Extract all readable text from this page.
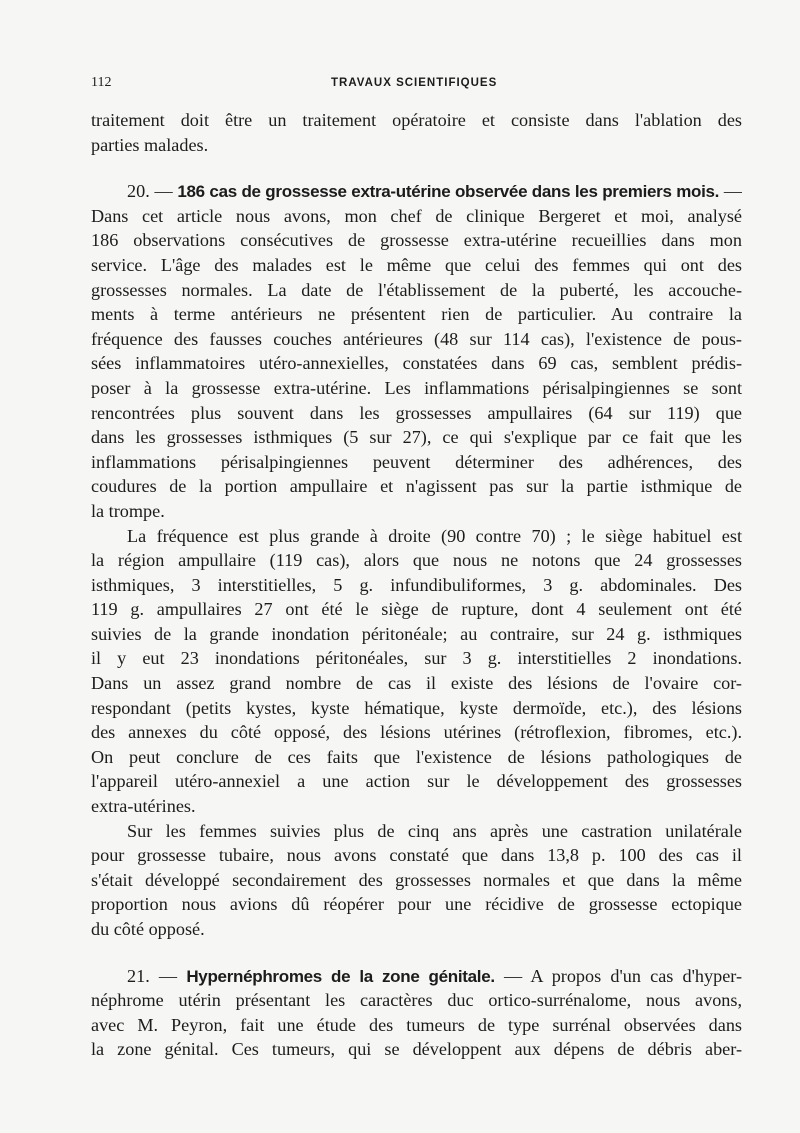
112	TRAVAUX SCIENTIFIQUES
traitement doit être un traitement opératoire et consiste dans l'ablation des
parties malades.
20. — 186 cas de grossesse extra-utérine observée dans les premiers mois. —
Dans cet article nous avons, mon chef de clinique Bergeret et moi, analysé
186 observations consécutives de grossesse extra-utérine recueillies dans mon
service. L'âge des malades est le même que celui des femmes qui ont des
grossesses normales. La date de l'établissement de la puberté, les accouche-
ments à terme antérieurs ne présentent rien de particulier. Au contraire la
fréquence des fausses couches antérieures (48 sur 114 cas), l'existence de pous-
sées inflammatoires utéro-annexielles, constatées dans 69 cas, semblent prédis-
poser à la grossesse extra-utérine. Les inflammations périsalpingiennes se sont
rencontrées plus souvent dans les grossesses ampullaires (64 sur 119) que
dans les grossesses isthmiques (5 sur 27), ce qui s'explique par ce fait que les
inflammations périsalpingiennes peuvent déterminer des adhérences, des
coudures de la portion ampullaire et n'agissent pas sur la partie isthmique de
la trompe.
La fréquence est plus grande à droite (90 contre 70) ; le siège habituel est
la région ampullaire (119 cas), alors que nous ne notons que 24 grossesses
isthmiques, 3 interstitielles, 5 g. infundibuliformes, 3 g. abdominales. Des
119 g. ampullaires 27 ont été le siège de rupture, dont 4 seulement ont été
suivies de la grande inondation péritonéale; au contraire, sur 24 g. isthmiques
il y eut 23 inondations péritonéales, sur 3 g. interstitielles 2 inondations.
Dans un assez grand nombre de cas il existe des lésions de l'ovaire cor-
respondant (petits kystes, kyste hématique, kyste dermoïde, etc.), des lésions
des annexes du côté opposé, des lésions utérines (rétroflexion, fibromes, etc.).
On peut conclure de ces faits que l'existence de lésions pathologiques de
l'appareil utéro-annexiel a une action sur le développement des grossesses
extra-utérines.
Sur les femmes suivies plus de cinq ans après une castration unilatérale
pour grossesse tubaire, nous avons constaté que dans 13,8 p. 100 des cas il
s'était développé secondairement des grossesses normales et que dans la même
proportion nous avions dû réopérer pour une récidive de grossesse ectopique
du côté opposé.
21. — Hypernéphromes de la zone génitale. — A propos d'un cas d'hyper-
néphrome utérin présentant les caractères duc ortico-surrénalome, nous avons,
avec M. Peyron, fait une étude des tumeurs de type surrénal observées dans
la zone génital. Ces tumeurs, qui se développent aux dépens de débris aber-
